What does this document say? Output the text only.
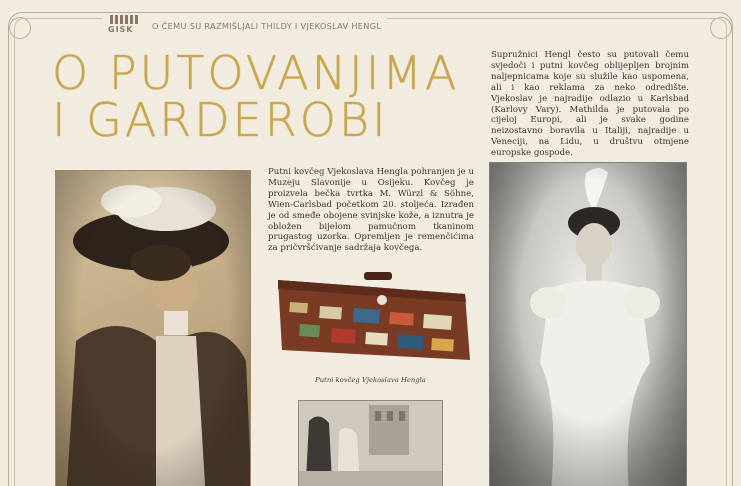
GISK O ČEMU SU RAZMIŠLJALI THILDY I VJEKOSLAV HENGL
O PUTOVANJIMA
I GARDEROBI
Putni kovčeg Vjekoslava Hengla
Putni kovčeg Vjekoslava Hengla pohranjen je u Muzeju Slavonije u Osijeku. Kovčeg je proizvela bečka tvrtka M. Würzl & Söhne, Wien-Carlsbad početkom 20. stoljeća. Izrađen je od smeđe obojene svinjske kože, a iznutra je obložen bijelom pamučnom tkaninom prugastog uzorka. Opremljen je remenčićima za pričvršćivanje sadržaja kovčega.
Supružnici Hengl često su putovali čemu svjedoči i putni kovčeg oblijepljen brojnim naljepnicama koje su služile kao uspomena, ali i kao reklama za neko odredište. Vjekoslav je najradije odlazio u Karlsbad (Karlovy Vary). Mathilda je putovala po cijeloj Europi, ali je svake godine neizostavno boravila u Italiji, najradije u Veneciji, na Lidu, u društvu otmjene europske gospode.
